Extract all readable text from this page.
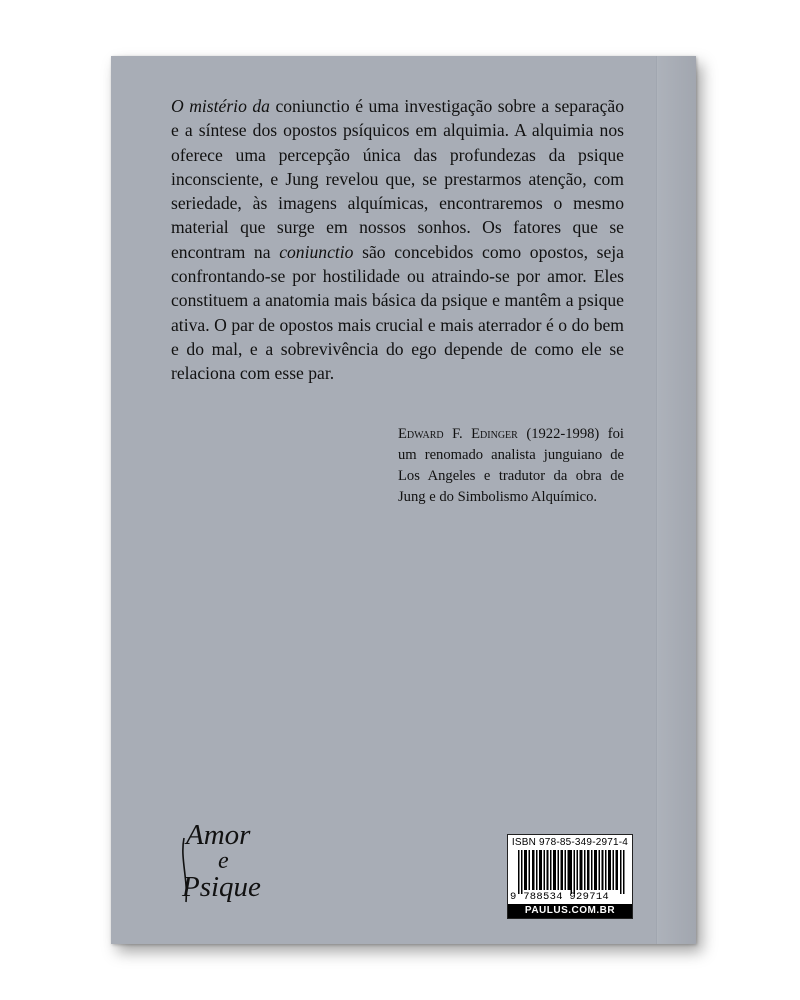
O mistério da coniunctio é uma investigação sobre a separação e a síntese dos opostos psíquicos em alquimia. A alquimia nos oferece uma percepção única das profundezas da psique inconsciente, e Jung revelou que, se prestarmos atenção, com seriedade, às imagens alquímicas, encontraremos o mesmo material que surge em nossos sonhos. Os fatores que se encontram na coniunctio são concebidos como opostos, seja confrontando-se por hostilidade ou atraindo-se por amor. Eles constituem a anatomia mais básica da psique e mantêm a psique ativa. O par de opostos mais crucial e mais aterrador é o do bem e do mal, e a sobrevivência do ego depende de como ele se relaciona com esse par.

Edward F. Edinger (1922-1998) foi um renomado analista junguiano de Los Angeles e tradutor da obra de Jung e do Simbolismo Alquímico.

Amor
e
Psique
ISBN 978-85-349-2971-4
9 788534 929714
PAULUS.COM.BR
